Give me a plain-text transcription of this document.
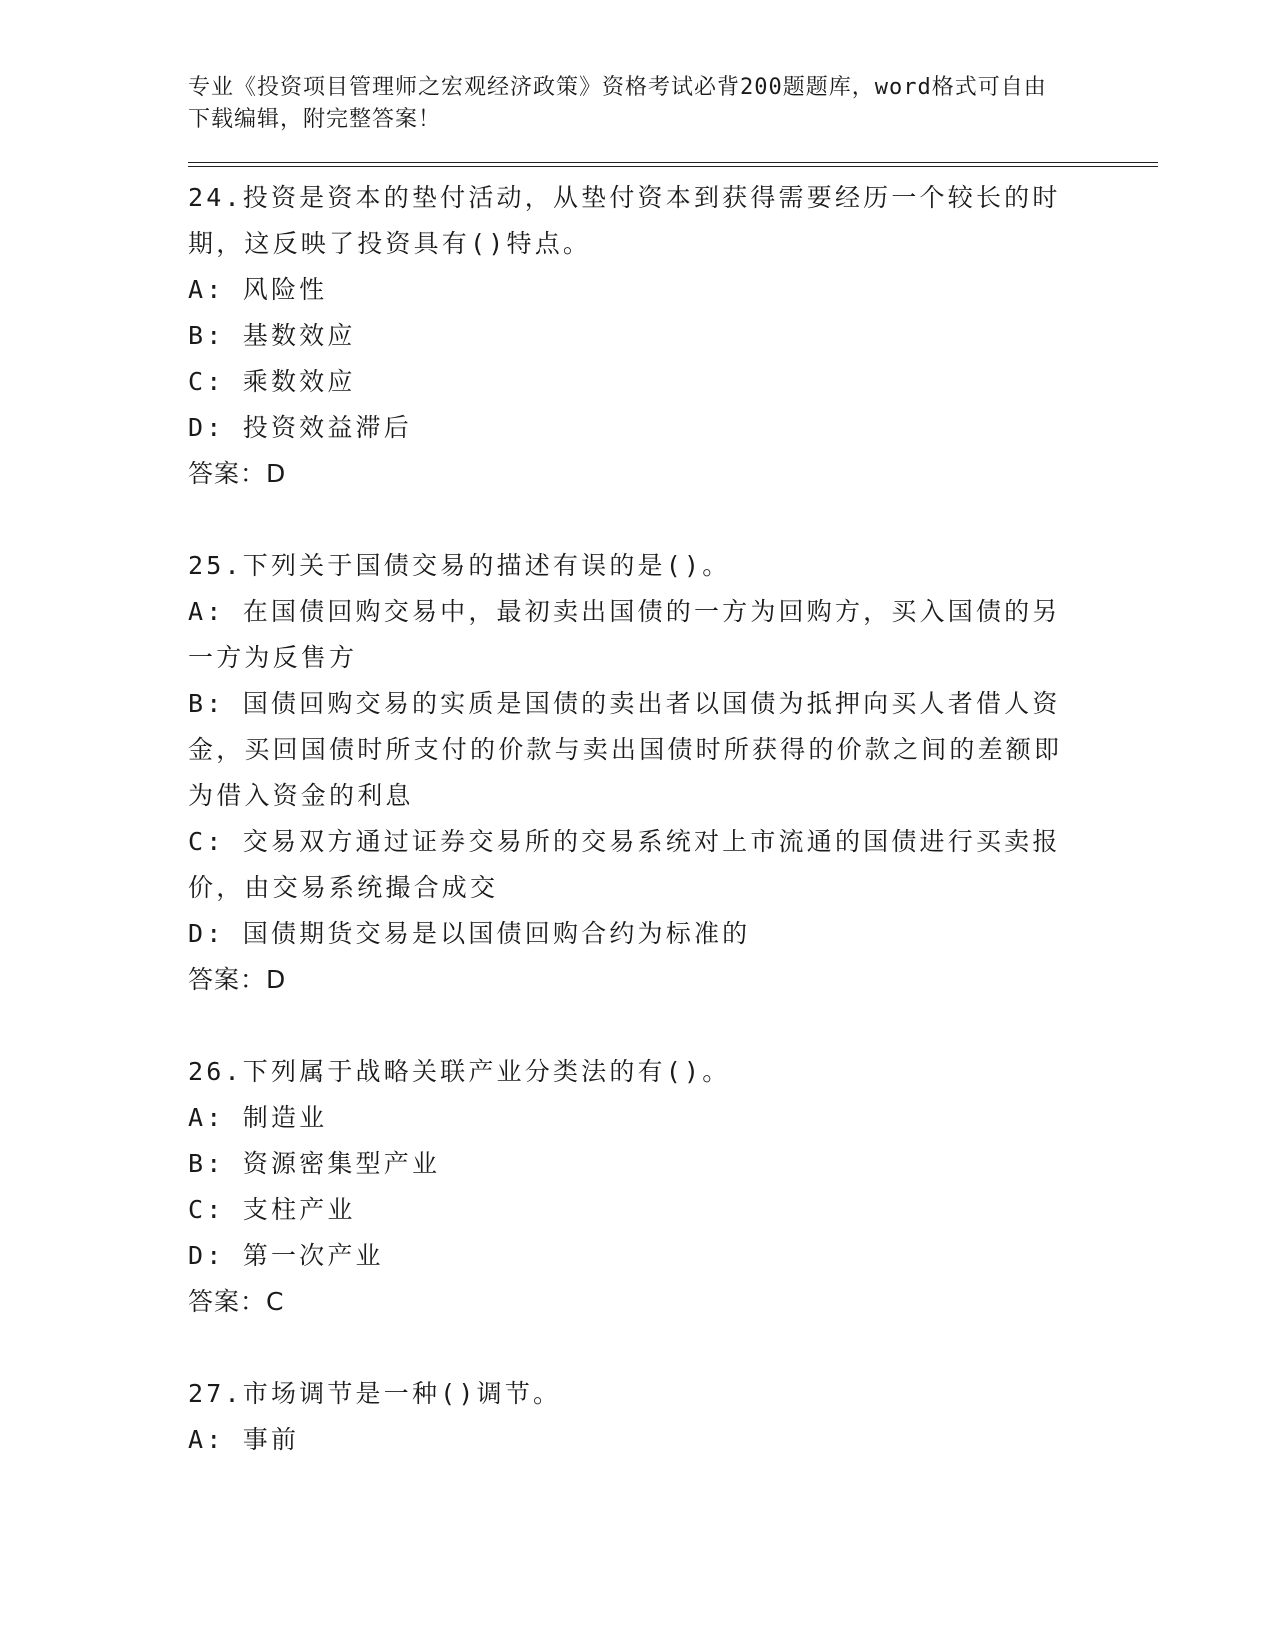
专业《投资项目管理师之宏观经济政策》资格考试必背200题题库，word格式可自由下载编辑，附完整答案！
24.投资是资本的垫付活动，从垫付资本到获得需要经历一个较长的时期，这反映了投资具有()特点。
A: 风险性
B: 基数效应
C: 乘数效应
D: 投资效益滞后
答案：D
25.下列关于国债交易的描述有误的是()。
A: 在国债回购交易中，最初卖出国债的一方为回购方，买入国债的另一方为反售方
B: 国债回购交易的实质是国债的卖出者以国债为抵押向买人者借人资金，买回国债时所支付的价款与卖出国债时所获得的价款之间的差额即为借入资金的利息
C: 交易双方通过证券交易所的交易系统对上市流通的国债进行买卖报价，由交易系统撮合成交
D: 国债期货交易是以国债回购合约为标准的
答案：D
26.下列属于战略关联产业分类法的有()。
A: 制造业
B: 资源密集型产业
C: 支柱产业
D: 第一次产业
答案：C
27.市场调节是一种()调节。
A: 事前
